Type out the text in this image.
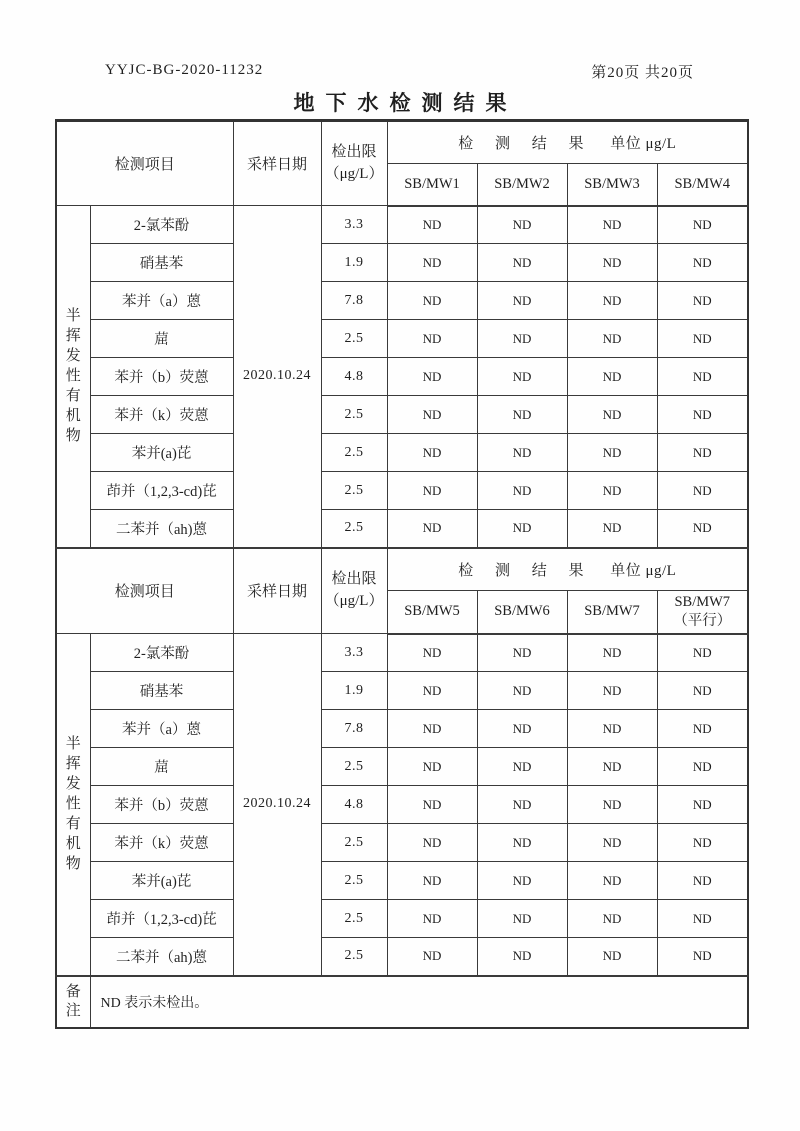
YYJC-BG-2020-11232	第20页 共20页
地下水检测结果
检测项目		采样日期	检出限
（μg/L）	检 测 结 果 单位 μg/L			
				SB/MW1	SB/MW2	SB/MW3	SB/MW4
半挥发性有机物	2-氯苯酚	2020.10.24	3.3	ND	ND	ND	ND
	硝基苯		1.9	ND	ND	ND	ND
	苯并（a）蒽		7.8	ND	ND	ND	ND
	䓛		2.5	ND	ND	ND	ND
	苯并（b）荧蒽		4.8	ND	ND	ND	ND
	苯并（k）荧蒽		2.5	ND	ND	ND	ND
	苯并(a)芘		2.5	ND	ND	ND	ND
	茚并（1,2,3-cd)芘		2.5	ND	ND	ND	ND
	二苯并（ah)蒽		2.5	ND	ND	ND	ND
检测项目		采样日期	检出限
（μg/L）	检 测 结 果 单位 μg/L			
				SB/MW5	SB/MW6	SB/MW7	SB/MW7（平行）
半挥发性有机物	2-氯苯酚	2020.10.24	3.3	ND	ND	ND	ND
	硝基苯		1.9	ND	ND	ND	ND
	苯并（a）蒽		7.8	ND	ND	ND	ND
	䓛		2.5	ND	ND	ND	ND
	苯并（b）荧蒽		4.8	ND	ND	ND	ND
	苯并（k）荧蒽		2.5	ND	ND	ND	ND
	苯并(a)芘		2.5	ND	ND	ND	ND
	茚并（1,2,3-cd)芘		2.5	ND	ND	ND	ND
	二苯并（ah)蒽		2.5	ND	ND	ND	ND
备注	ND 表示未检出。						
